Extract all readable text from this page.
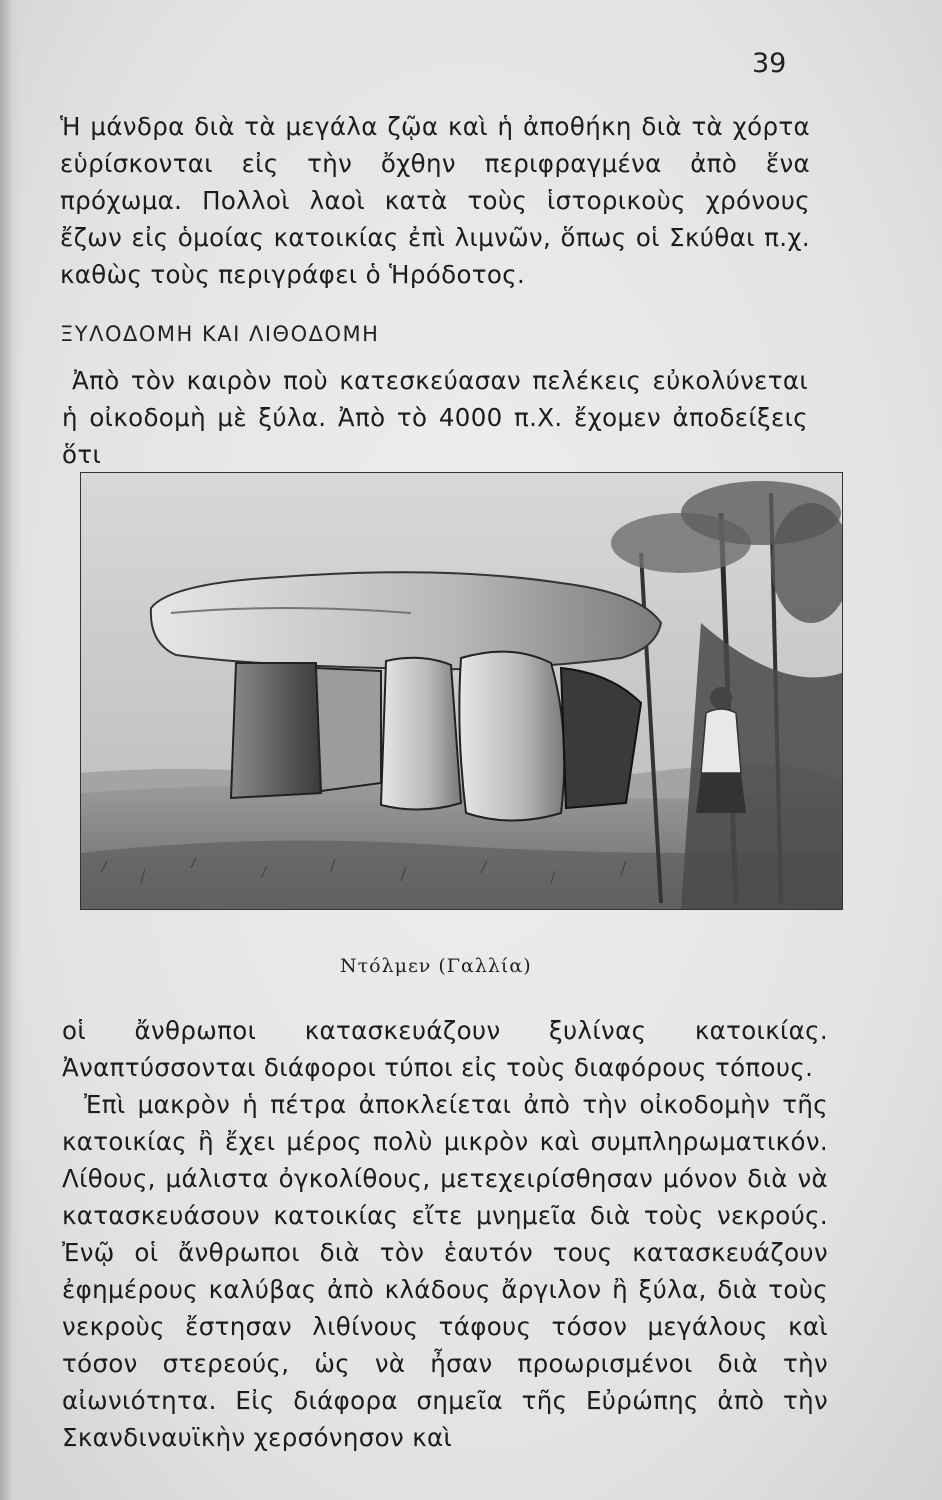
39

Ἡ μάνδρα διὰ τὰ μεγάλα ζῷα καὶ ἡ ἀποθήκη διὰ τὰ χόρτα εὑρίσκονται εἰς τὴν ὄχθην περιφραγμένα ἀπὸ ἕνα πρόχωμα. Πολλοὶ λαοὶ κατὰ τοὺς ἱστορικοὺς χρόνους ἔζων εἰς ὁμοίας κατοικίας ἐπὶ λιμνῶν, ὅπως οἱ Σκύθαι π.χ. καθὼς τοὺς περιγράφει ὁ Ἡρόδοτος.

ΞΥΛΟΔΟΜΗ ΚΑΙ ΛΙΘΟΔΟΜΗ

Ἀπὸ τὸν καιρὸν ποὺ κατεσκεύασαν πελέκεις εὐκολύνεται ἡ οἰκοδομὴ μὲ ξύλα. Ἀπὸ τὸ 4000 π.Χ. ἔχομεν ἀποδείξεις ὅτι

Ντόλμεν (Γαλλία)

οἱ ἄνθρωποι κατασκευάζουν ξυλίνας κατοικίας. Ἀναπτύσσονται διάφοροι τύποι εἰς τοὺς διαφόρους τόπους.

Ἐπὶ μακρὸν ἡ πέτρα ἀποκλείεται ἀπὸ τὴν οἰκοδομὴν τῆς κατοικίας ἢ ἔχει μέρος πολὺ μικρὸν καὶ συμπληρωματικόν. Λίθους, μάλιστα ὀγκολίθους, μετεχειρίσθησαν μόνον διὰ νὰ κατασκευάσουν κατοικίας εἴτε μνημεῖα διὰ τοὺς νεκρούς. Ἐνῷ οἱ ἄνθρωποι διὰ τὸν ἑαυτόν τους κατασκευάζουν ἐφημέρους καλύβας ἀπὸ κλάδους ἄργιλον ἢ ξύλα, διὰ τοὺς νεκροὺς ἔστησαν λιθίνους τάφους τόσον μεγάλους καὶ τόσον στερεούς, ὡς νὰ ἦσαν προωρισμένοι διὰ τὴν αἰωνιότητα. Εἰς διάφορα σημεῖα τῆς Εὐρώπης ἀπὸ τὴν Σκανδιναυϊκὴν χερσόνησον καὶ
